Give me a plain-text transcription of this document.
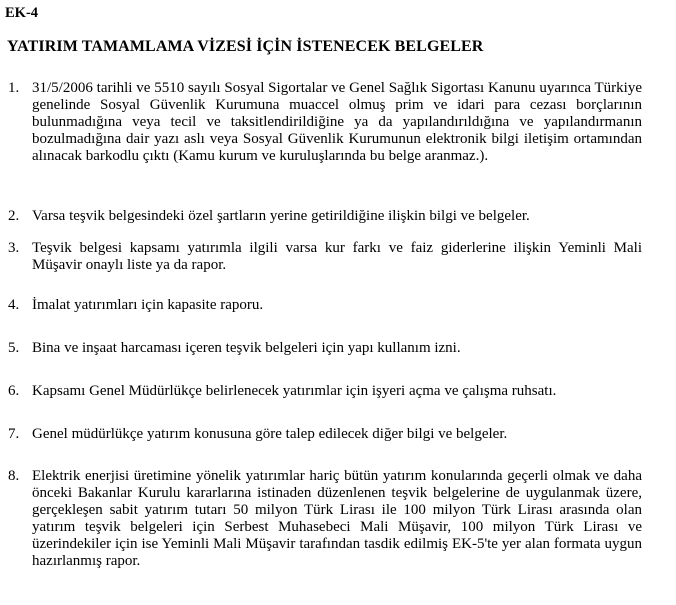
EK-4
YATIRIM TAMAMLAMA VİZESİ İÇİN İSTENECEK BELGELER
1. 31/5/2006 tarihli ve 5510 sayılı Sosyal Sigortalar ve Genel Sağlık Sigortası Kanunu uyarınca Türkiye genelinde Sosyal Güvenlik Kurumuna muaccel olmuş prim ve idari para cezası borçlarının bulunmadığına veya tecil ve taksitlendirildiğine ya da yapılandırıldığına ve yapılandırmanın bozulmadığına dair yazı aslı veya Sosyal Güvenlik Kurumunun elektronik bilgi iletişim ortamından alınacak barkodlu çıktı (Kamu kurum ve kuruluşlarında bu belge aranmaz.).
2. Varsa teşvik belgesindeki özel şartların yerine getirildiğine ilişkin bilgi ve belgeler.
3. Teşvik belgesi kapsamı yatırımla ilgili varsa kur farkı ve faiz giderlerine ilişkin Yeminli Mali Müşavir onaylı liste ya da rapor.
4. İmalat yatırımları için kapasite raporu.
5. Bina ve inşaat harcaması içeren teşvik belgeleri için yapı kullanım izni.
6. Kapsamı Genel Müdürlükçe belirlenecek yatırımlar için işyeri açma ve çalışma ruhsatı.
7. Genel müdürlükçe yatırım konusuna göre talep edilecek diğer bilgi ve belgeler.
8. Elektrik enerjisi üretimine yönelik yatırımlar hariç bütün yatırım konularında geçerli olmak ve daha önceki Bakanlar Kurulu kararlarına istinaden düzenlenen teşvik belgelerine de uygulanmak üzere, gerçekleşen sabit yatırım tutarı 50 milyon Türk Lirası ile 100 milyon Türk Lirası arasında olan yatırım teşvik belgeleri için Serbest Muhasebeci Mali Müşavir, 100 milyon Türk Lirası ve üzerindekiler için ise Yeminli Mali Müşavir tarafından tasdik edilmiş EK-5'te yer alan formata uygun hazırlanmış rapor.
